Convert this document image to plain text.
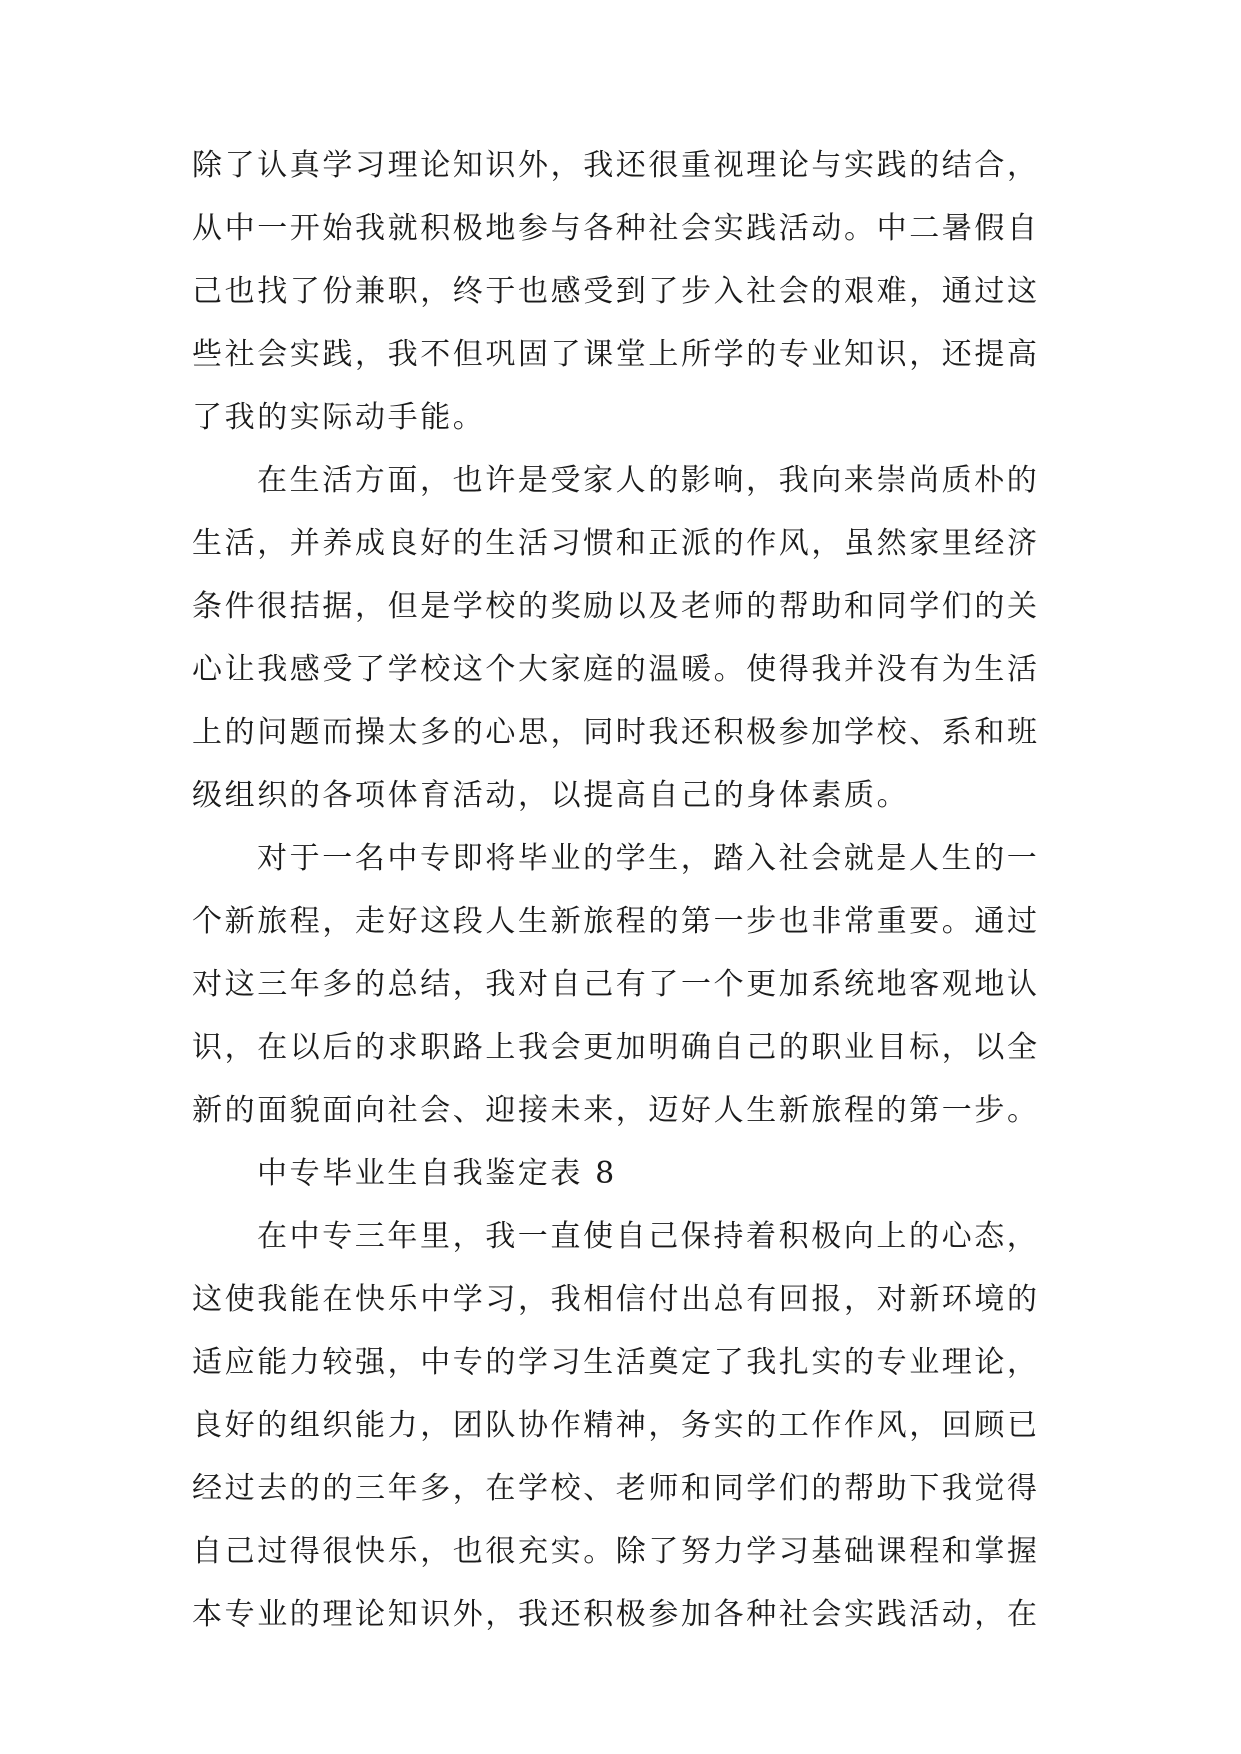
除了认真学习理论知识外，我还很重视理论与实践的结合，
从中一开始我就积极地参与各种社会实践活动。中二暑假自
己也找了份兼职，终于也感受到了步入社会的艰难，通过这
些社会实践，我不但巩固了课堂上所学的专业知识，还提高
了我的实际动手能。
在生活方面，也许是受家人的影响，我向来崇尚质朴的
生活，并养成良好的生活习惯和正派的作风，虽然家里经济
条件很拮据，但是学校的奖励以及老师的帮助和同学们的关
心让我感受了学校这个大家庭的温暖。使得我并没有为生活
上的问题而操太多的心思，同时我还积极参加学校、系和班
级组织的各项体育活动，以提高自己的身体素质。
对于一名中专即将毕业的学生，踏入社会就是人生的一
个新旅程，走好这段人生新旅程的第一步也非常重要。通过
对这三年多的总结，我对自己有了一个更加系统地客观地认
识，在以后的求职路上我会更加明确自己的职业目标，以全
新的面貌面向社会、迎接未来，迈好人生新旅程的第一步。
中专毕业生自我鉴定表 8
在中专三年里，我一直使自己保持着积极向上的心态，
这使我能在快乐中学习，我相信付出总有回报，对新环境的
适应能力较强，中专的学习生活奠定了我扎实的专业理论，
良好的组织能力，团队协作精神，务实的工作作风，回顾已
经过去的的三年多，在学校、老师和同学们的帮助下我觉得
自己过得很快乐，也很充实。除了努力学习基础课程和掌握
本专业的理论知识外，我还积极参加各种社会实践活动，在
